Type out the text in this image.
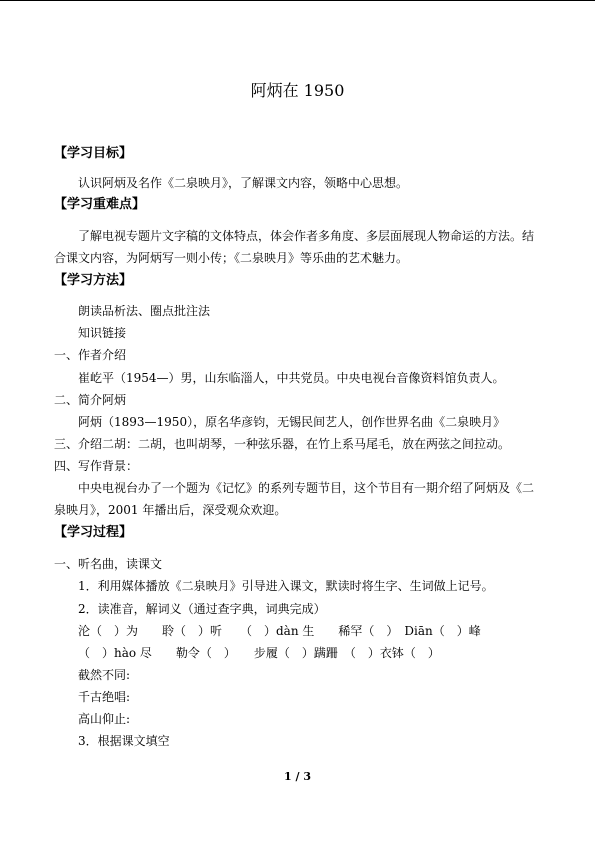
阿炳在 1950
【学习目标】
认识阿炳及名作《二泉映月》，了解课文内容，领略中心思想。
【学习重难点】
了解电视专题片文字稿的文体特点，体会作者多角度、多层面展现人物命运的方法。结
合课文内容，为阿炳写一则小传；《二泉映月》等乐曲的艺术魅力。
【学习方法】
朗读品析法、圈点批注法
知识链接
一、作者介绍
崔屹平（1954—）男，山东临淄人，中共党员。中央电视台音像资料馆负责人。
二、简介阿炳
阿炳（1893—1950），原名华彦钧，无锡民间艺人，创作世界名曲《二泉映月》
三、介绍二胡：二胡，也叫胡琴，一种弦乐器，在竹上系马尾毛，放在两弦之间拉动。
四、写作背景：
中央电视台办了一个题为《记忆》的系列专题节目，这个节目有一期介绍了阿炳及《二
泉映月》，2001 年播出后，深受观众欢迎。
【学习过程】
一、听名曲，读课文
1．利用媒体播放《二泉映月》引导进入课文，默读时将生字、生词做上记号。
2．读准音，解词义（通过查字典，词典完成）
沦（　）为　　聆（　）听　　（　）dàn 生　　稀罕（　）　Diān（　）峰
（　）hào 尽　　勒令（　）　　步履（　）蹒跚　（　）衣钵（　）
截然不同:
千古绝唱:
高山仰止:
3．根据课文填空
1 / 3
